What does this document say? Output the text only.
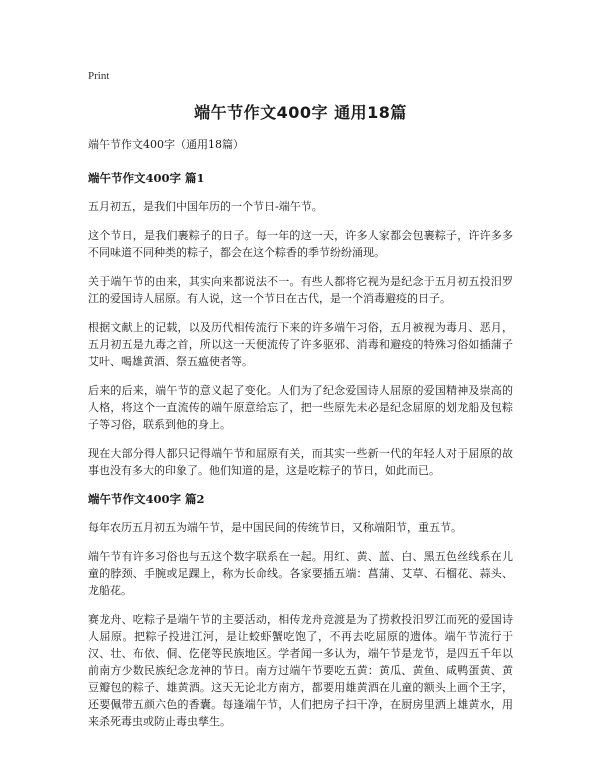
Print
端午节作文400字 通用18篇

端午节作文400字（通用18篇）

端午节作文400字 篇1

五月初五，是我们中国年历的一个节日-端午节。

这个节日，是我们裹粽子的日子。每一年的这一天，许多人家都会包裹粽子，许许多多不同味道不同种类的粽子，都会在这个粽香的季节纷纷涌现。

关于端午节的由来，其实向来都说法不一。有些人都将它视为是纪念于五月初五投汨罗江的爱国诗人屈原。有人说，这一个节日在古代，是一个消毒避疫的日子。

根据文献上的记载，以及历代相传流行下来的许多端午习俗，五月被视为毒月、恶月，五月初五是九毒之首，所以这一天便流传了许多驱邪、消毒和避疫的特殊习俗如插蒲子艾叶、喝雄黄酒、祭五瘟使者等。

后来的后来，端午节的意义起了变化。人们为了纪念爱国诗人屈原的爱国精神及崇高的人格，将这个一直流传的端午原意给忘了，把一些原先未必是纪念屈原的划龙船及包粽子等习俗，联系到他的身上。

现在大部分得人都只记得端午节和屈原有关，而其实一些新一代的年轻人对于屈原的故事也没有多大的印象了。他们知道的是，这是吃粽子的节日，如此而已。

端午节作文400字 篇2

每年农历五月初五为端午节，是中国民间的传统节日，又称端阳节，重五节。

端午节有许多习俗也与五这个数字联系在一起。用红、黄、蓝、白、黑五色丝线系在儿童的脖颈、手腕或足踝上，称为长命线。各家要插五端：菖蒲、艾草、石榴花、蒜头、龙船花。

赛龙舟、吃粽子是端午节的主要活动，相传龙舟竞渡是为了捞救投汨罗江而死的爱国诗人屈原。把粽子投进江河，是让蛟虾蟹吃饱了，不再去吃屈原的遗体。端午节流行于汉、壮、布依、侗、仡佬等民族地区。学者闻一多认为，端午节是龙节，是四五千年以前南方少数民族纪念龙神的节日。南方过端午节要吃五黄：黄瓜、黄鱼、咸鸭蛋黄、黄豆瓣包的粽子、雄黄酒。这天无论北方南方，都要用雄黄酒在儿童的额头上画个王字，还要佩带五颜六色的香囊。每逢端午节，人们把房子扫干净，在厨房里洒上雄黄水，用来杀死毒虫或防止毒虫孳生。
